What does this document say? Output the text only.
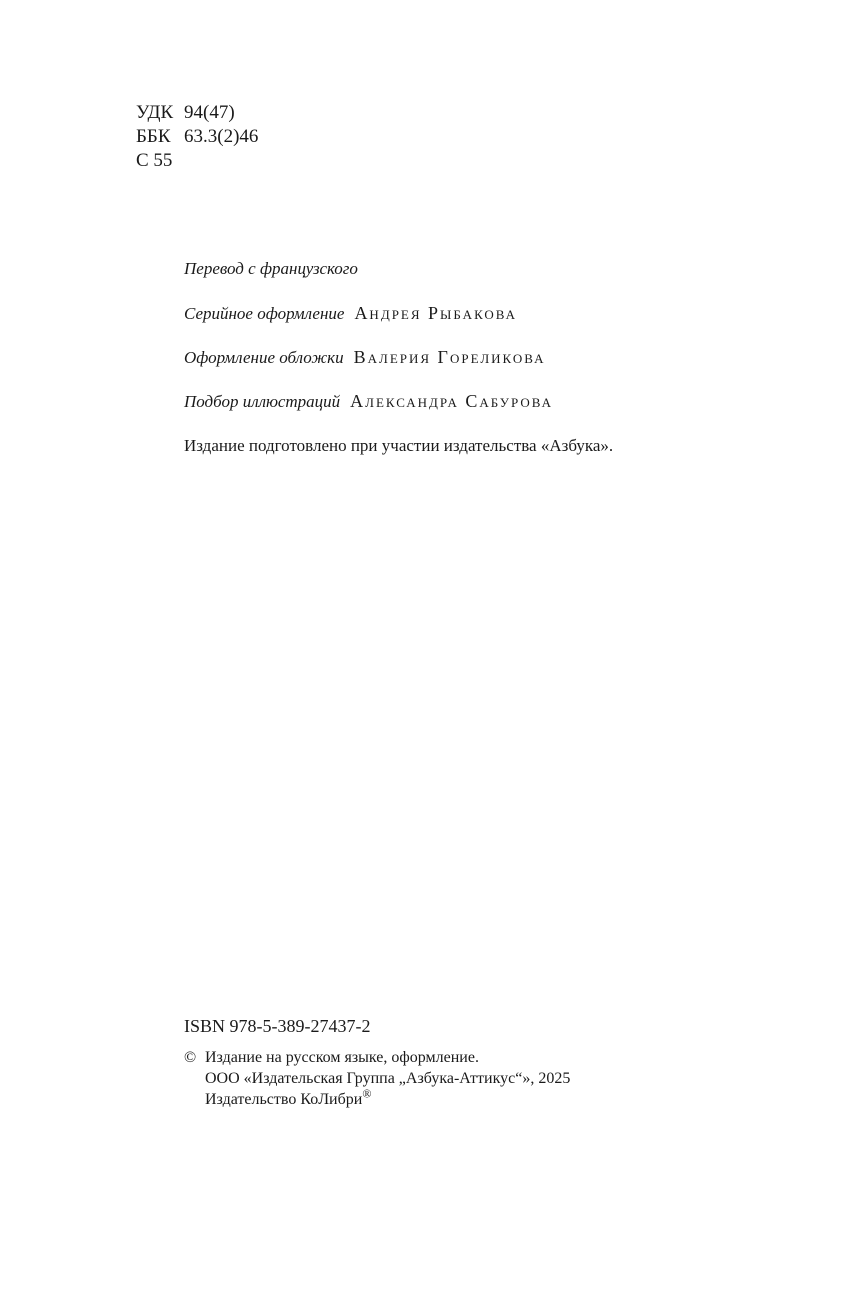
УДК 94(47)
ББК 63.3(2)46
С 55
Перевод с французского
Серийное оформление Андрея Рыбакова
Оформление обложки Валерия Гореликова
Подбор иллюстраций Александра Сабурова
Издание подготовлено при участии издательства «Азбука».
ISBN 978-5-389-27437-2
© Издание на русском языке, оформление.
ООО «Издательская Группа „Азбука-Аттикус“», 2025
Издательство КоЛибри®
